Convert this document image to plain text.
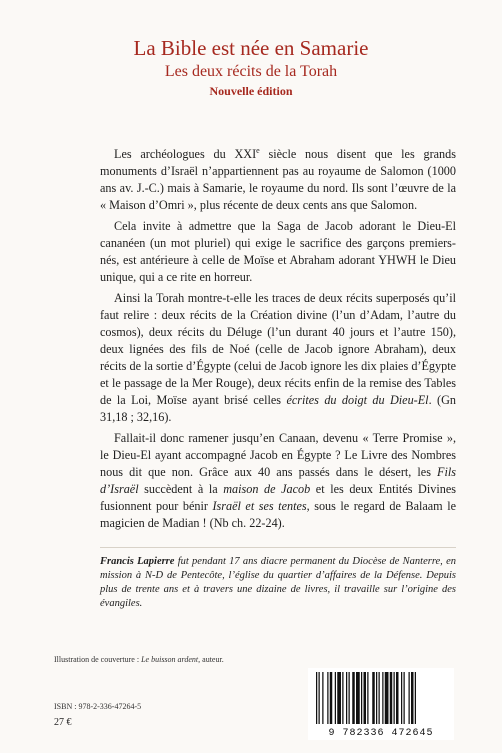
La Bible est née en Samarie
Les deux récits de la Torah
Nouvelle édition

Les archéologues du XXIe siècle nous disent que les grands monuments d’Israël n’appartiennent pas au royaume de Salomon (1000 ans av. J.-C.) mais à Samarie, le royaume du nord. Ils sont l’œuvre de la « Maison d’Omri », plus récente de deux cents ans que Salomon.

Cela invite à admettre que la Saga de Jacob adorant le Dieu-El cananéen (un mot pluriel) qui exige le sacrifice des garçons premiers-nés, est antérieure à celle de Moïse et Abraham adorant YHWH le Dieu unique, qui a ce rite en horreur.

Ainsi la Torah montre-t-elle les traces de deux récits superposés qu’il faut relire : deux récits de la Création divine (l’un d’Adam, l’autre du cosmos), deux récits du Déluge (l’un durant 40 jours et l’autre 150), deux lignées des fils de Noé (celle de Jacob ignore Abraham), deux récits de la sortie d’Égypte (celui de Jacob ignore les dix plaies d’Égypte et le passage de la Mer Rouge), deux récits enfin de la remise des Tables de la Loi, Moïse ayant brisé celles écrites du doigt du Dieu-El. (Gn 31,18 ; 32,16).

Fallait-il donc ramener jusqu’en Canaan, devenu « Terre Promise », le Dieu-El ayant accompagné Jacob en Égypte ? Le Livre des Nombres nous dit que non. Grâce aux 40 ans passés dans le désert, les Fils d’Israël succèdent à la maison de Jacob et les deux Entités Divines fusionnent pour bénir Israël et ses tentes, sous le regard de Balaam le magicien de Madian ! (Nb ch. 22-24).

Francis Lapierre fut pendant 17 ans diacre permanent du Diocèse de Nanterre, en mission à N-D de Pentecôte, l’église du quartier d’affaires de la Défense. Depuis plus de trente ans et à travers une dizaine de livres, il travaille sur l’origine des évangiles.
Illustration de couverture : Le buisson ardent, auteur.
ISBN : 978-2-336-47264-5
27 €
9 782336 472645
